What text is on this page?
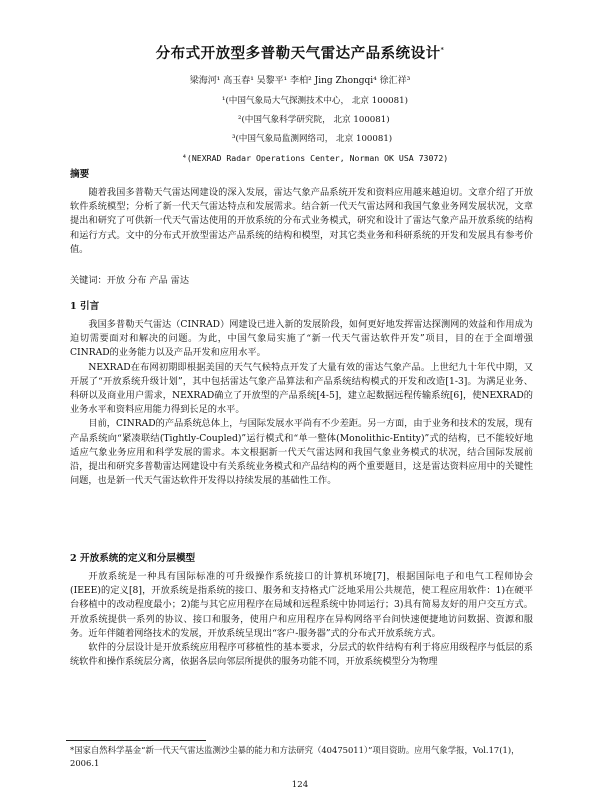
分布式开放型多普勒天气雷达产品系统设计*
梁海河¹ 高玉春¹ 吴黎平¹ 李柏² Jing Zhongqi⁴ 徐汇祥³
¹(中国气象局大气探测技术中心， 北京 100081)
²(中国气象科学研究院， 北京 100081)
³(中国气象局监测网络司， 北京 100081)
⁴(NEXRAD Radar Operations Center, Norman OK USA 73072)
摘要

随着我国多普勒天气雷达网建设的深入发展，雷达气象产品系统开发和资料应用越来越迫切。文章介绍了开放软件系统模型；分析了新一代天气雷达特点和发展需求。结合新一代天气雷达网和我国气象业务网发展状况，文章提出和研究了可供新一代天气雷达使用的开放系统的分布式业务模式，研究和设计了雷达气象产品开放系统的结构和运行方式。文中的分布式开放型雷达产品系统的结构和模型，对其它类业务和科研系统的开发和发展具有参考价值。

关键词：开放 分布 产品 雷达
1 引言

我国多普勒天气雷达（CINRAD）网建设已进入新的发展阶段，如何更好地发挥雷达探测网的效益和作用成为迫切需要面对和解决的问题。为此，中国气象局实施了“新一代天气雷达软件开发”项目，目的在于全面增强CINRAD的业务能力以及产品开发和应用水平。

NEXRAD在布网初期即根据美国的天气气候特点开发了大量有效的雷达气象产品。上世纪九十年代中期，又开展了“开放系统升级计划”，其中包括雷达气象产品算法和产品系统结构模式的开发和改造[1-3]。为满足业务、科研以及商业用户需求，NEXRAD确立了开放型的产品系统[4-5]，建立起数据远程传输系统[6]，使NEXRAD的业务水平和资料应用能力得到长足的水平。

目前，CINRAD的产品系统总体上，与国际发展水平尚有不少差距。另一方面，由于业务和技术的发展，现有产品系统向“紧凑联结(Tightly-Coupled)”运行模式和“单一整体(Monolithic-Entity)”式的结构，已不能较好地适应气象业务应用和科学发展的需求。本文根据新一代天气雷达网和我国气象业务模式的状况，结合国际发展前沿，提出和研究多普勒雷达网建设中有关系统业务模式和产品结构的两个重要题目，这是雷达资料应用中的关键性问题，也是新一代天气雷达软件开发得以持续发展的基础性工作。

2 开放系统的定义和分层模型

开放系统是一种具有国际标准的可升级操作系统接口的计算机环境[7]，根据国际电子和电气工程师协会(IEEE)的定义[8]，开放系统是指系统的接口、服务和支持格式广泛地采用公共规范，使工程应用软件：1)在硬平台移植中的改动程度最小；2)能与其它应用程序在局域和远程系统中协同运行；3)具有简易友好的用户交互方式。开放系统提供一系列的协议、接口和服务，使用户和应用程序在异构网络平台间快速便捷地访问数据、资源和服务。近年伴随着网络技术的发展，开放系统呈现出“客户-服务器”式的分布式开放系统方式。

软件的分层设计是开放系统应用程序可移植性的基本要求，分层式的软件结构有利于将应用级程序与低层的系统软件和操作系统层分离，依据各层向邻层所提供的服务功能不同，开放系统模型分为物理

*国家自然科学基金“新一代天气雷达监测沙尘暴的能力和方法研究（40475011）”项目资助。应用气象学报，Vol.17(1)，2006.1
124
